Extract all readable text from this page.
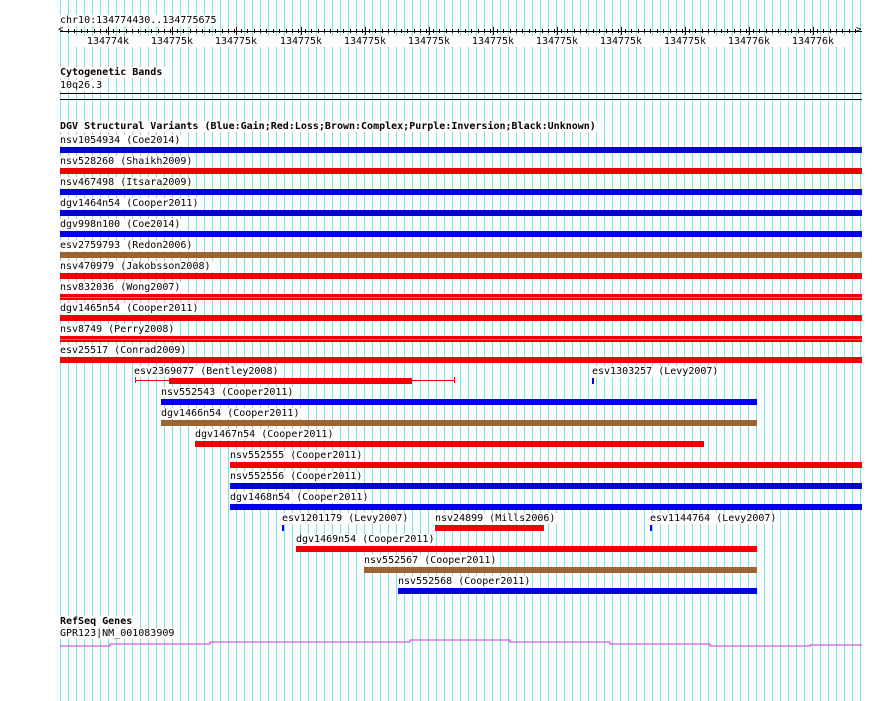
chr10:134774430..134775675
<	>
134774k	134775k	134775k	134775k	134775k	134775k	134775k	134775k	134775k	134775k	134776k	134776k
Cytogenetic Bands
10q26.3
DGV Structural Variants (Blue:Gain;Red:Loss;Brown:Complex;Purple:Inversion;Black:Unknown)
nsv1054934 (Coe2014)
nsv528260 (Shaikh2009)
nsv467498 (Itsara2009)
dgv1464n54 (Cooper2011)
dgv998n100 (Coe2014)
esv2759793 (Redon2006)
nsv470979 (Jakobsson2008)
nsv832036 (Wong2007)
dgv1465n54 (Cooper2011)
nsv8749 (Perry2008)
esv25517 (Conrad2009)
esv2369077 (Bentley2008)	esv1303257 (Levy2007)
nsv552543 (Cooper2011)
dgv1466n54 (Cooper2011)
dgv1467n54 (Cooper2011)
nsv552555 (Cooper2011)
nsv552556 (Cooper2011)
dgv1468n54 (Cooper2011)
esv1201179 (Levy2007)	nsv24899 (Mills2006)	esv1144764 (Levy2007)
dgv1469n54 (Cooper2011)
nsv552567 (Cooper2011)
nsv552568 (Cooper2011)
RefSeq Genes
GPR123|NM_001083909
